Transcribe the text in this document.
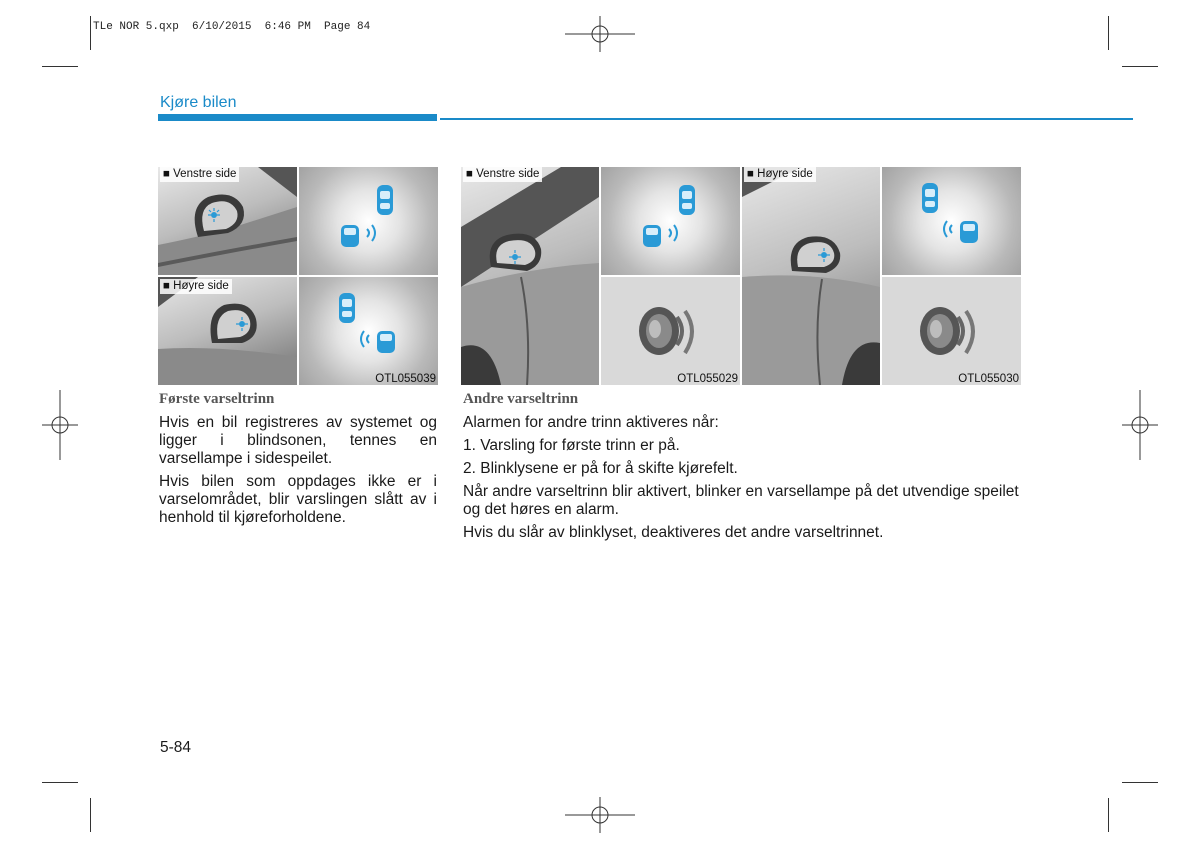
TLe NOR 5.qxp  6/10/2015  6:46 PM  Page 84
Kjøre bilen
■ Venstre side
■ Høyre side
OTL055039
■ Venstre side
OTL055029
■ Høyre side
OTL055030
Første varseltrinn
Hvis en bil registreres av systemet og ligger i blindsonen, tennes en varsellampe i sidespeilet.
Hvis bilen som oppdages ikke er i varselområdet, blir varslingen slått av i henhold til kjøreforholdene.
Andre varseltrinn
Alarmen for andre trinn aktiveres når:
1. Varsling for første trinn er på.
2. Blinklysene er på for å skifte kjørefelt.
Når andre varseltrinn blir aktivert, blinker en varsellampe på det utvendige speilet og det høres en alarm.
Hvis du slår av blinklyset, deaktiveres det andre varseltrinnet.
5-84
